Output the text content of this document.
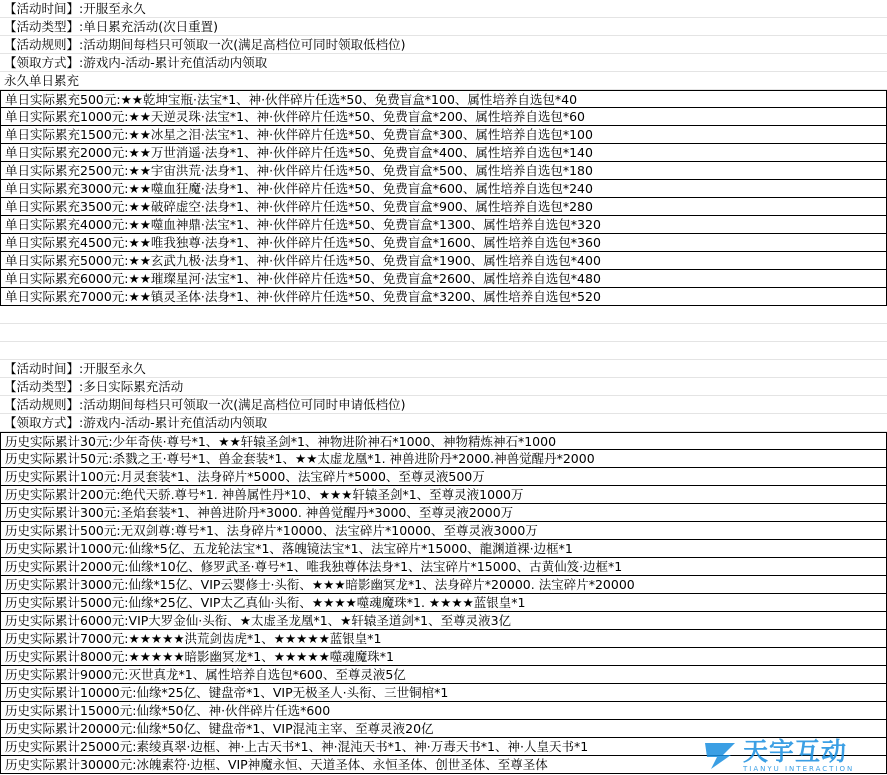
【活动时间】:开服至永久
【活动类型】:单日累充活动(次日重置)
【活动规则】:活动期间每档只可领取一次(满足高档位可同时领取低档位)
【领取方式】:游戏内-活动-累计充值活动内领取
永久单日累充
单日实际累充500元:★★乾坤宝瓶·法宝*1、神·伙伴碎片任选*50、免费盲盒*100、属性培养自选包*40
单日实际累充1000元:★★天逆灵珠·法宝*1、神·伙伴碎片任选*50、免费盲盒*200、属性培养自选包*60
单日实际累充1500元:★★冰星之泪·法宝*1、神·伙伴碎片任选*50、免费盲盒*300、属性培养自选包*100
单日实际累充2000元:★★万世消遥·法身*1、神·伙伴碎片任选*50、免费盲盒*400、属性培养自选包*140
单日实际累充2500元:★★宇宙洪荒·法身*1、神·伙伴碎片任选*50、免费盲盒*500、属性培养自选包*180
单日实际累充3000元:★★噬血狂魔·法身*1、神·伙伴碎片任选*50、免费盲盒*600、属性培养自选包*240
单日实际累充3500元:★★破碎虚空·法身*1、神·伙伴碎片任选*50、免费盲盒*900、属性培养自选包*280
单日实际累充4000元:★★噬血神鼎·法宝*1、神·伙伴碎片任选*50、免费盲盒*1300、属性培养自选包*320
单日实际累充4500元:★★唯我独尊·法身*1、神·伙伴碎片任选*50、免费盲盒*1600、属性培养自选包*360
单日实际累充5000元:★★玄武九极·法身*1、神·伙伴碎片任选*50、免费盲盒*1900、属性培养自选包*400
单日实际累充6000元:★★璀璨星河·法宝*1、神·伙伴碎片任选*50、免费盲盒*2600、属性培养自选包*480
单日实际累充7000元:★★镇灵圣体·法身*1、神·伙伴碎片任选*50、免费盲盒*3200、属性培养自选包*520
【活动时间】:开服至永久
【活动类型】:多日实际累充活动
【活动规则】:活动期间每档只可领取一次(满足高档位可同时申请低档位)
【领取方式】:游戏内-活动-累计充值活动内领取
历史实际累计30元:少年奇侠·尊号*1、★★轩辕圣剑*1、神物进阶神石*1000、神物精炼神石*1000
历史实际累计50元:杀戮之王·尊号*1、兽金套装*1、★★太虚龙凰*1. 神兽进阶丹*2000.神兽觉醒丹*2000
历史实际累计100元:月灵套装*1、法身碎片*5000、法宝碎片*5000、至尊灵液500万
历史实际累计200元:绝代天骄.尊号*1. 神兽属性丹*10、★★★轩辕圣剑*1、至尊灵液1000万
历史实际累计300元:圣焰套装*1、神兽进阶丹*3000. 神兽觉醒丹*3000、至尊灵液2000万
历史实际累计500元:无双剑尊:尊号*1、法身碎片*10000、法宝碎片*10000、至尊灵液3000万
历史实际累计1000元:仙缘*5亿、五龙轮法宝*1、落魄镜法宝*1、法宝碎片*15000、龍渊道裸·边框*1
历史实际累计2000元:仙缘*10亿、修罗武圣·尊号*1、唯我独尊体法身*1、法宝碎片*15000、古黄仙笈·边框*1
历史实际累计3000元:仙缘*15亿、VIP云婴修士·头衔、★★★暗影幽冥龙*1、法身碎片*20000. 法宝碎片*20000
历史实际累计5000元:仙缘*25亿、VIP太乙真仙·头衔、★★★★噬魂魔珠*1. ★★★★蓝银皇*1
历史实际累计6000元:VIP大罗金仙·头衔、★太虚圣龙凰*1、★轩辕圣道剑*1、至尊灵液3亿
历史实际累计7000元:★★★★★洪荒剑齿虎*1、★★★★★蓝银皇*1
历史实际累计8000元:★★★★★暗影幽冥龙*1、★★★★★噬魂魔珠*1
历史实际累计9000元:灭世真龙*1、属性培养自选包*600、至尊灵液5亿
历史实际累计10000元:仙缘*25亿、键盘帝*1、VIP无极圣人·头衔、三世铜棺*1
历史实际累计15000元:仙缘*50亿、神·伙伴碎片任选*600
历史实际累计20000元:仙缘*50亿、键盘帝*1、VIP混沌主宰、至尊灵液20亿
历史实际累计25000元:素绫真翠·边框、神·上古天书*1、神·混沌天书*1、神·万毒天书*1、神·人皇天书*1
历史实际累计30000元:冰魄素符·边框、VIP神魔永恒、天道圣体、永恒圣体、创世圣体、至尊圣体	天宇互动
TIANYU INTERACTION
